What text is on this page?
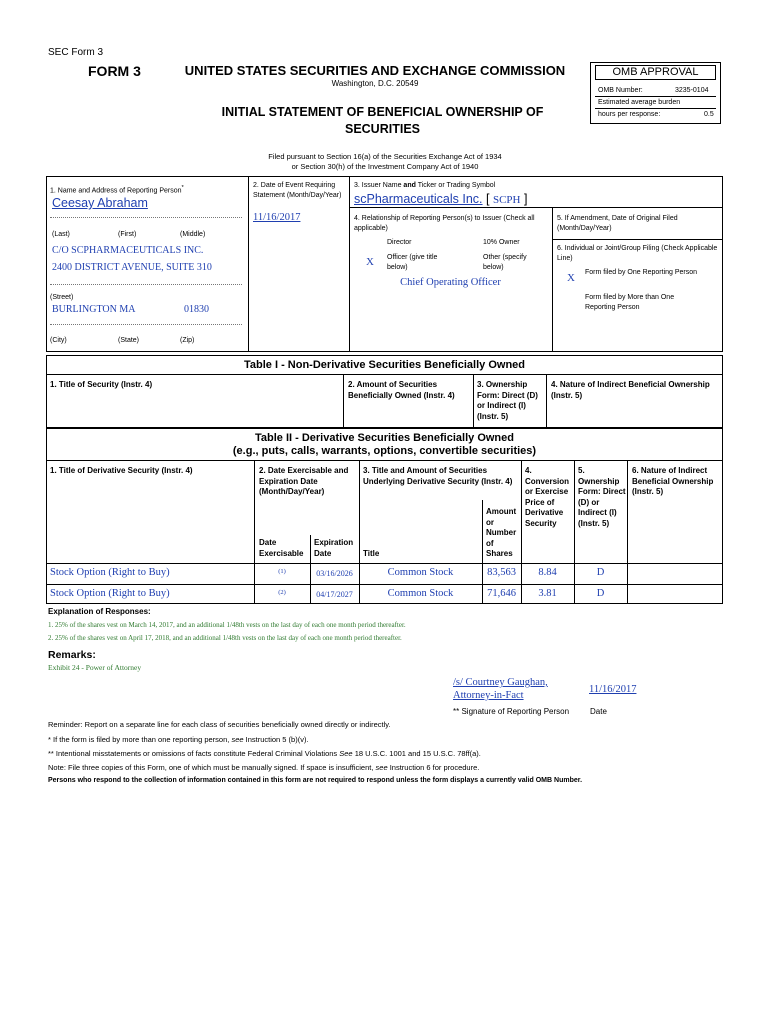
SEC Form 3
FORM 3	UNITED STATES SECURITIES AND EXCHANGE COMMISSION
Washington, D.C. 20549
INITIAL STATEMENT OF BENEFICIAL OWNERSHIP OF SECURITIES
OMB APPROVAL
OMB Number:	3235-0104
Estimated average burden
hours per response:	0.5
Filed pursuant to Section 16(a) of the Securities Exchange Act of 1934
or Section 30(h) of the Investment Company Act of 1940
1. Name and Address of Reporting Person*
Ceesay Abraham
(Last)	(First)	(Middle)
C/O SCPHARMACEUTICALS INC.
2400 DISTRICT AVENUE, SUITE 310
(Street)
BURLINGTON MA	01830
(City)	(State)	(Zip)
2. Date of Event Requiring Statement (Month/Day/Year)
11/16/2017
3. Issuer Name and Ticker or Trading Symbol
scPharmaceuticals Inc. [ SCPH ]
4. Relationship of Reporting Person(s) to Issuer (Check all applicable)
Director	10% Owner
X Officer (give title below)
Other (specify below)
Chief Operating Officer
5. If Amendment, Date of Original Filed (Month/Day/Year)
6. Individual or Joint/Group Filing (Check Applicable Line)
X Form filed by One Reporting Person
Form filed by More than One Reporting Person
Table I - Non-Derivative Securities Beneficially Owned
1. Title of Security (Instr. 4)	2. Amount of Securities Beneficially Owned (Instr. 4)
3. Ownership Form: Direct (D) or Indirect (I) (Instr. 5)
4. Nature of Indirect Beneficial Ownership (Instr. 5)
Table II - Derivative Securities Beneficially Owned
(e.g., puts, calls, warrants, options, convertible securities)
1. Title of Derivative Security (Instr. 4)	2. Date Exercisable and Expiration Date (Month/Day/Year)
Date Exercisable
Expiration Date
3. Title and Amount of Securities Underlying Derivative Security (Instr. 4)
Title
Amount or Number of Shares
4. Conversion or Exercise Price of Derivative Security
5. Ownership Form: Direct (D) or Indirect (I) (Instr. 5)
6. Nature of Indirect Beneficial Ownership (Instr. 5)
Stock Option (Right to Buy)	(1)	03/16/2026	Common Stock	83,563	8.84	D
Stock Option (Right to Buy)	(2)	04/17/2027	Common Stock	71,646	3.81	D
Explanation of Responses:
1. 25% of the shares vest on March 14, 2017, and an additional 1/48th vests on the last day of each one month period thereafter.
2. 25% of the shares vest on April 17, 2018, and an additional 1/48th vests on the last day of each one month period thereafter.
Remarks:
Exhibit 24 - Power of Attorney
/s/ Courtney Gaughan,
Attorney-in-Fact
11/16/2017
** Signature of Reporting Person	Date
Reminder: Report on a separate line for each class of securities beneficially owned directly or indirectly.
* If the form is filed by more than one reporting person, see Instruction 5 (b)(v).
** Intentional misstatements or omissions of facts constitute Federal Criminal Violations See 18 U.S.C. 1001 and 15 U.S.C. 78ff(a).
Note: File three copies of this Form, one of which must be manually signed. If space is insufficient, see Instruction 6 for procedure.
Persons who respond to the collection of information contained in this form are not required to respond unless the form displays a currently valid OMB Number.
